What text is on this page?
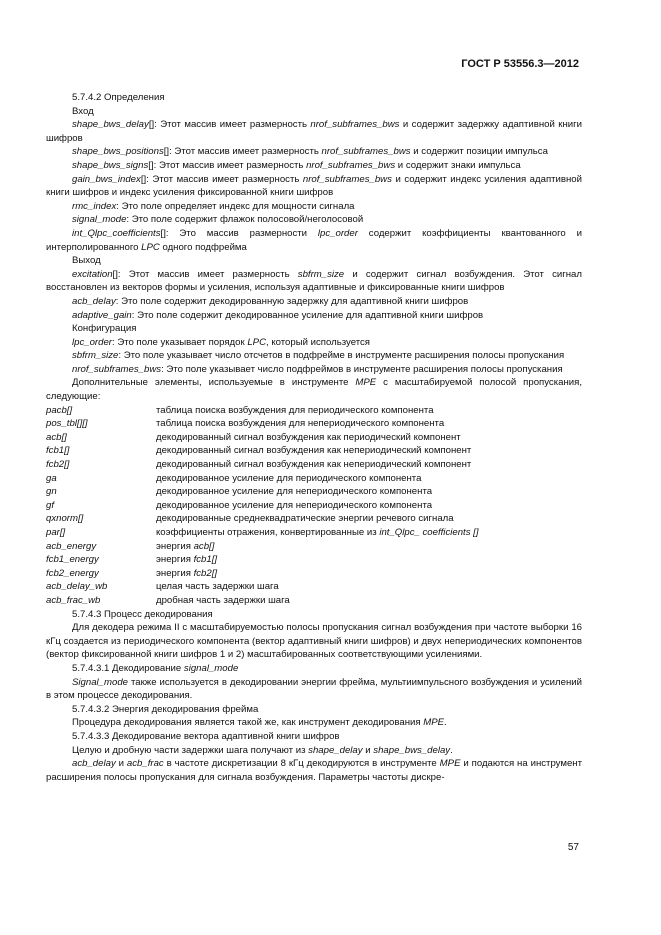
ГОСТ Р 53556.3—2012
5.7.4.2 Определения
Вход
shape_bws_delay[]: Этот массив имеет размерность nrof_subframes_bws и содержит задержку адаптивной книги шифров
shape_bws_positions[]: Этот массив имеет размерность nrof_subframes_bws и содержит позиции импульса
shape_bws_signs[]: Этот массив имеет размерность nrof_subframes_bws и содержит знаки импульса
gain_bws_index[]: Этот массив имеет размерность nrof_subframes_bws и содержит индекс усиления адаптивной книги шифров и индекс усиления фиксированной книги шифров
rmc_index: Это поле определяет индекс для мощности сигнала
signal_mode: Это поле содержит флажок полосовой/неголосовой
int_Qlpc_coefficients[]: Это массив размерности lpc_order содержит коэффициенты квантованного и интерполированного LPC одного подфрейма
Выход
excitation[]: Этот массив имеет размерность sbfrm_size и содержит сигнал возбуждения. Этот сигнал восстановлен из векторов формы и усиления, используя адаптивные и фиксированные книги шифров
acb_delay: Это поле содержит декодированную задержку для адаптивной книги шифров
adaptive_gain: Это поле содержит декодированное усиление для адаптивной книги шифров
Конфигурация
lpc_order: Это поле указывает порядок LPC, который используется
sbfrm_size: Это поле указывает число отсчетов в подфрейме в инструменте расширения полосы пропускания
nrof_subframes_bws: Это поле указывает число подфреймов в инструменте расширения полосы пропускания
Дополнительные элементы, используемые в инструменте MPE с масштабируемой полосой пропускания, следующие:
pacb[]	таблица поиска возбуждения для периодического компонента
pos_tbl[][]	таблица поиска возбуждения для непериодического компонента
acb[]	декодированный сигнал возбуждения как периодический компонент
fcb1[]	декодированный сигнал возбуждения как непериодический компонент
fcb2[]	декодированный сигнал возбуждения как непериодический компонент
ga	декодированное усиление для периодического компонента
gn	декодированное усиление для непериодического компонента
gf	декодированное усиление для непериодического компонента
qxnorm[]	декодированные среднеквадратические энергии речевого сигнала
par[]	коэффициенты отражения, конвертированные из int_Qlpc_ coefficients []
acb_energy	энергия acb[]
fcb1_energy	энергия fcb1[]
fcb2_energy	энергия fcb2[]
acb_delay_wb	целая часть задержки шага
acb_frac_wb	дробная часть задержки шага
5.7.4.3 Процесс декодирования
Для декодера режима II с масштабируемостью полосы пропускания сигнал возбуждения при частоте выборки 16 кГц создается из периодического компонента (вектор адаптивный книги шифров) и двух непериодических компонентов (вектор фиксированной книги шифров 1 и 2) масштабированных соответствующими усилениями.
5.7.4.3.1 Декодирование signal_mode
Signal_mode также используется в декодировании энергии фрейма, мультиимпульсного возбуждения и усилений в этом процессе декодирования.
5.7.4.3.2 Энергия декодирования фрейма
Процедура декодирования является такой же, как инструмент декодирования MPE.
5.7.4.3.3 Декодирование вектора адаптивной книги шифров
Целую и дробную части задержки шага получают из shape_delay и shape_bws_delay.
acb_delay и acb_frac в частоте дискретизации 8 кГц декодируются в инструменте MPE и подаются на инструмент расширения полосы пропускания для сигнала возбуждения. Параметры частоты дискре-
57
